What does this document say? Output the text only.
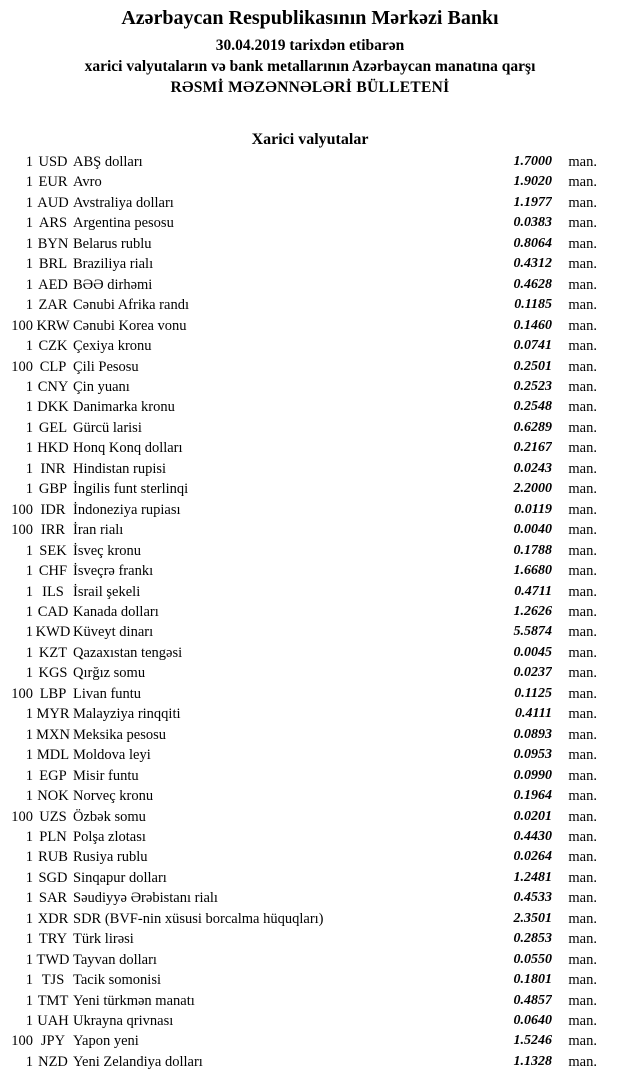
Azərbaycan Respublikasının Mərkəzi Bankı
30.04.2019 tarixdən etibarən
xarici valyutaların və bank metallarının Azərbaycan manatına qarşı
RƏSMİ MƏZƏNNƏLƏRİ BÜLLETENİ
Xarici valyutalar
1	USD	ABŞ dolları	1.7000	man.
1	EUR	Avro	1.9020	man.
1	AUD	Avstraliya dolları	1.1977	man.
1	ARS	Argentina pesosu	0.0383	man.
1	BYN	Belarus rublu	0.8064	man.
1	BRL	Braziliya rialı	0.4312	man.
1	AED	BƏƏ dirhəmi	0.4628	man.
1	ZAR	Cənubi Afrika randı	0.1185	man.
100	KRW	Cənubi Korea vonu	0.1460	man.
1	CZK	Çexiya kronu	0.0741	man.
100	CLP	Çili Pesosu	0.2501	man.
1	CNY	Çin yuanı	0.2523	man.
1	DKK	Danimarka kronu	0.2548	man.
1	GEL	Gürcü larisi	0.6289	man.
1	HKD	Honq Konq dolları	0.2167	man.
1	INR	Hindistan rupisi	0.0243	man.
1	GBP	İngilis funt sterlinqi	2.2000	man.
100	IDR	İndoneziya rupiası	0.0119	man.
100	IRR	İran rialı	0.0040	man.
1	SEK	İsveç kronu	0.1788	man.
1	CHF	İsveçrə frankı	1.6680	man.
1	ILS	İsrail şekeli	0.4711	man.
1	CAD	Kanada dolları	1.2626	man.
1	KWD	Küveyt dinarı	5.5874	man.
1	KZT	Qazaxıstan tengəsi	0.0045	man.
1	KGS	Qırğız somu	0.0237	man.
100	LBP	Livan funtu	0.1125	man.
1	MYR	Malayziya rinqqiti	0.4111	man.
1	MXN	Meksika pesosu	0.0893	man.
1	MDL	Moldova leyi	0.0953	man.
1	EGP	Misir funtu	0.0990	man.
1	NOK	Norveç kronu	0.1964	man.
100	UZS	Özbək somu	0.0201	man.
1	PLN	Polşa zlotası	0.4430	man.
1	RUB	Rusiya rublu	0.0264	man.
1	SGD	Sinqapur dolları	1.2481	man.
1	SAR	Səudiyyə Ərəbistanı rialı	0.4533	man.
1	XDR	SDR (BVF-nin xüsusi borcalma hüquqları)	2.3501	man.
1	TRY	Türk lirəsi	0.2853	man.
1	TWD	Tayvan dolları	0.0550	man.
1	TJS	Tacik somonisi	0.1801	man.
1	TMT	Yeni türkmən manatı	0.4857	man.
1	UAH	Ukrayna qrivnası	0.0640	man.
100	JPY	Yapon yeni	1.5246	man.
1	NZD	Yeni Zelandiya dolları	1.1328	man.
